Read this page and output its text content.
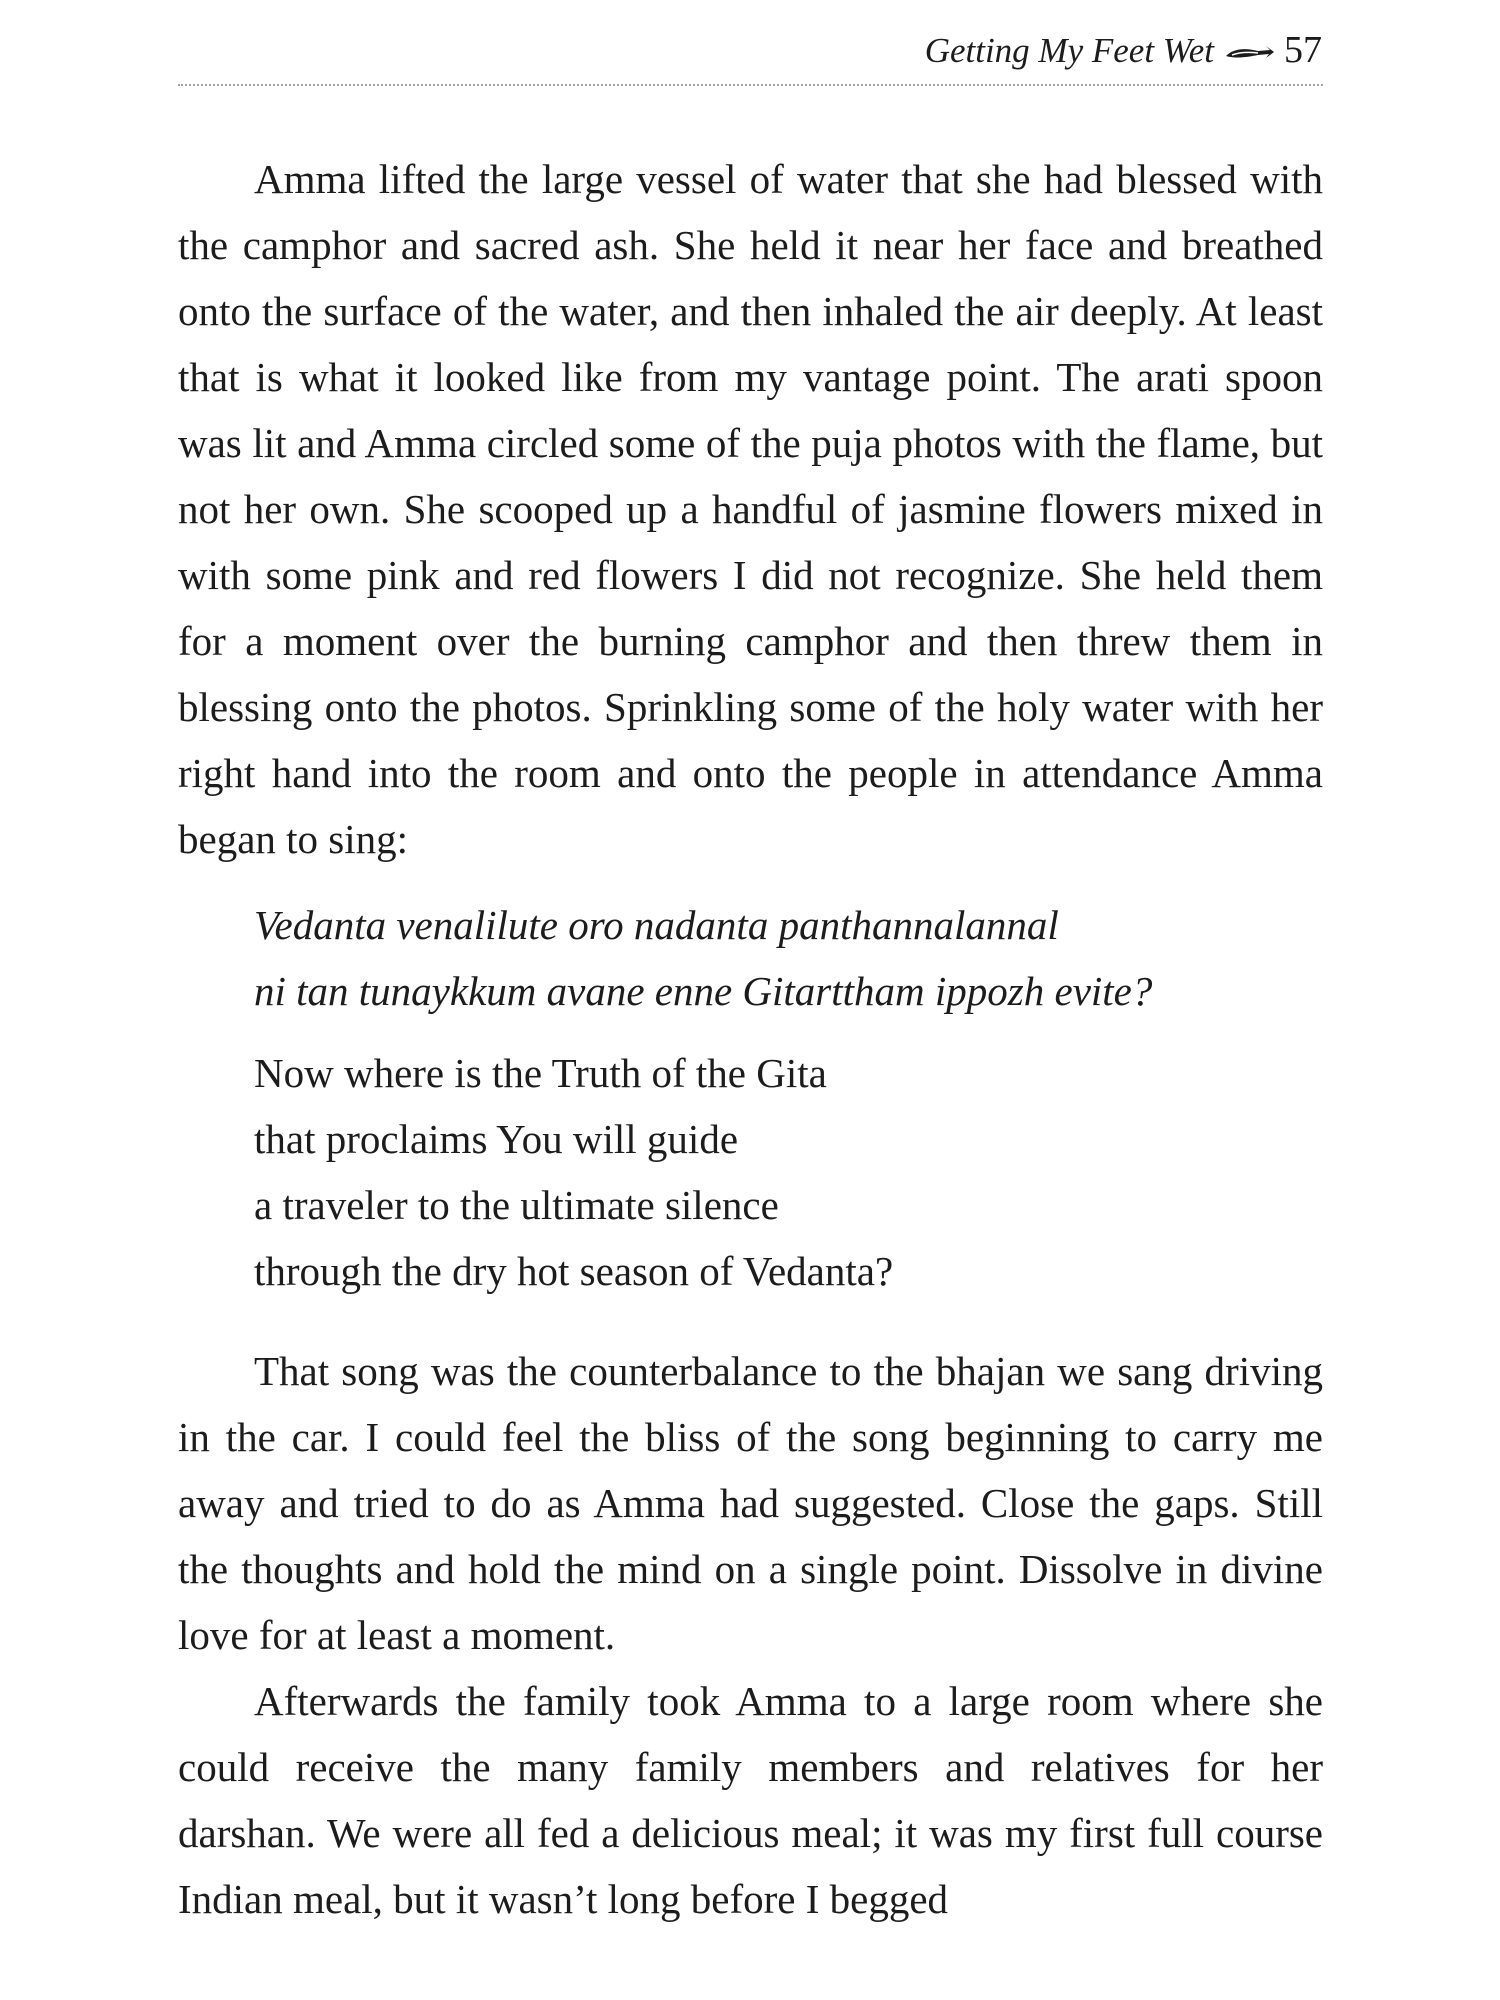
Getting My Feet Wet 57

Amma lifted the large vessel of water that she had blessed with the camphor and sacred ash. She held it near her face and breathed onto the surface of the water, and then inhaled the air deeply. At least that is what it looked like from my vantage point. The arati spoon was lit and Amma circled some of the puja photos with the flame, but not her own. She scooped up a handful of jasmine flowers mixed in with some pink and red flowers I did not recognize. She held them for a moment over the burning camphor and then threw them in blessing onto the photos. Sprinkling some of the holy water with her right hand into the room and onto the people in attendance Amma began to sing:

Vedanta venalilute oro nadanta panthannalannal
ni tan tunaykkum avane enne Gitarttham ippozh evite?
Now where is the Truth of the Gita
that proclaims You will guide
a traveler to the ultimate silence
through the dry hot season of Vedanta?

That song was the counterbalance to the bhajan we sang driving in the car. I could feel the bliss of the song beginning to carry me away and tried to do as Amma had suggested. Close the gaps. Still the thoughts and hold the mind on a single point. Dissolve in divine love for at least a moment.

Afterwards the family took Amma to a large room where she could receive the many family members and relatives for her darshan. We were all fed a delicious meal; it was my first full course Indian meal, but it wasn’t long before I begged
